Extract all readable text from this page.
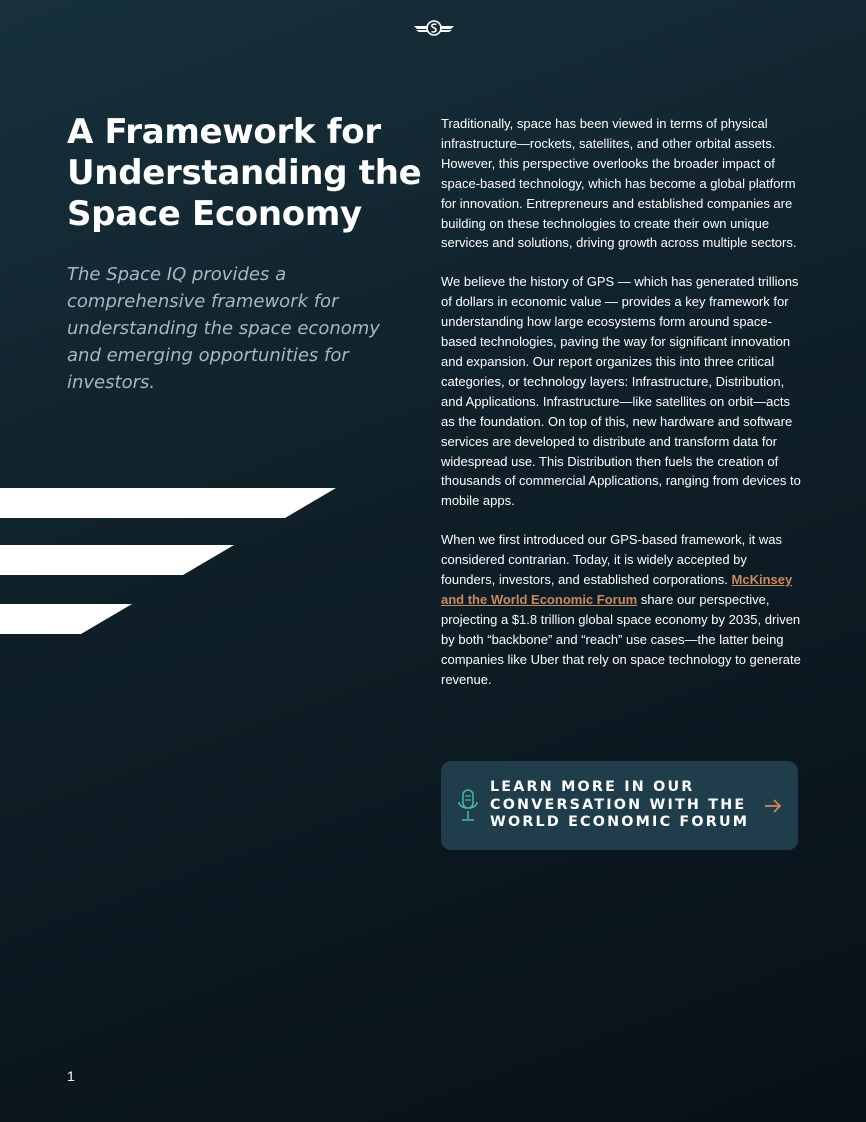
A Framework for
Understanding the
Space Economy

The Space IQ provides a comprehensive framework for understanding the space economy and emerging opportunities for investors.

Traditionally, space has been viewed in terms of physical infrastructure—rockets, satellites, and other orbital assets. However, this perspective overlooks the broader impact of space-based technology, which has become a global platform for innovation. Entrepreneurs and established companies are building on these technologies to create their own unique services and solutions, driving growth across multiple sectors.

We believe the history of GPS — which has generated trillions of dollars in economic value — provides a key framework for understanding how large ecosystems form around space-based technologies, paving the way for significant innovation and expansion. Our report organizes this into three critical categories, or technology layers: Infrastructure, Distribution, and Applications. Infrastructure—like satellites on orbit—acts as the foundation. On top of this, new hardware and software services are developed to distribute and transform data for widespread use. This Distribution then fuels the creation of thousands of commercial Applications, ranging from devices to mobile apps.

When we first introduced our GPS-based framework, it was considered contrarian. Today, it is widely accepted by founders, investors, and established corporations. McKinsey and the World Economic Forum share our perspective, projecting a $1.8 trillion global space economy by 2035, driven by both “backbone” and “reach” use cases—the latter being companies like Uber that rely on space technology to generate revenue.

LEARN MORE IN OUR
CONVERSATION WITH THE
WORLD ECONOMIC FORUM
1
